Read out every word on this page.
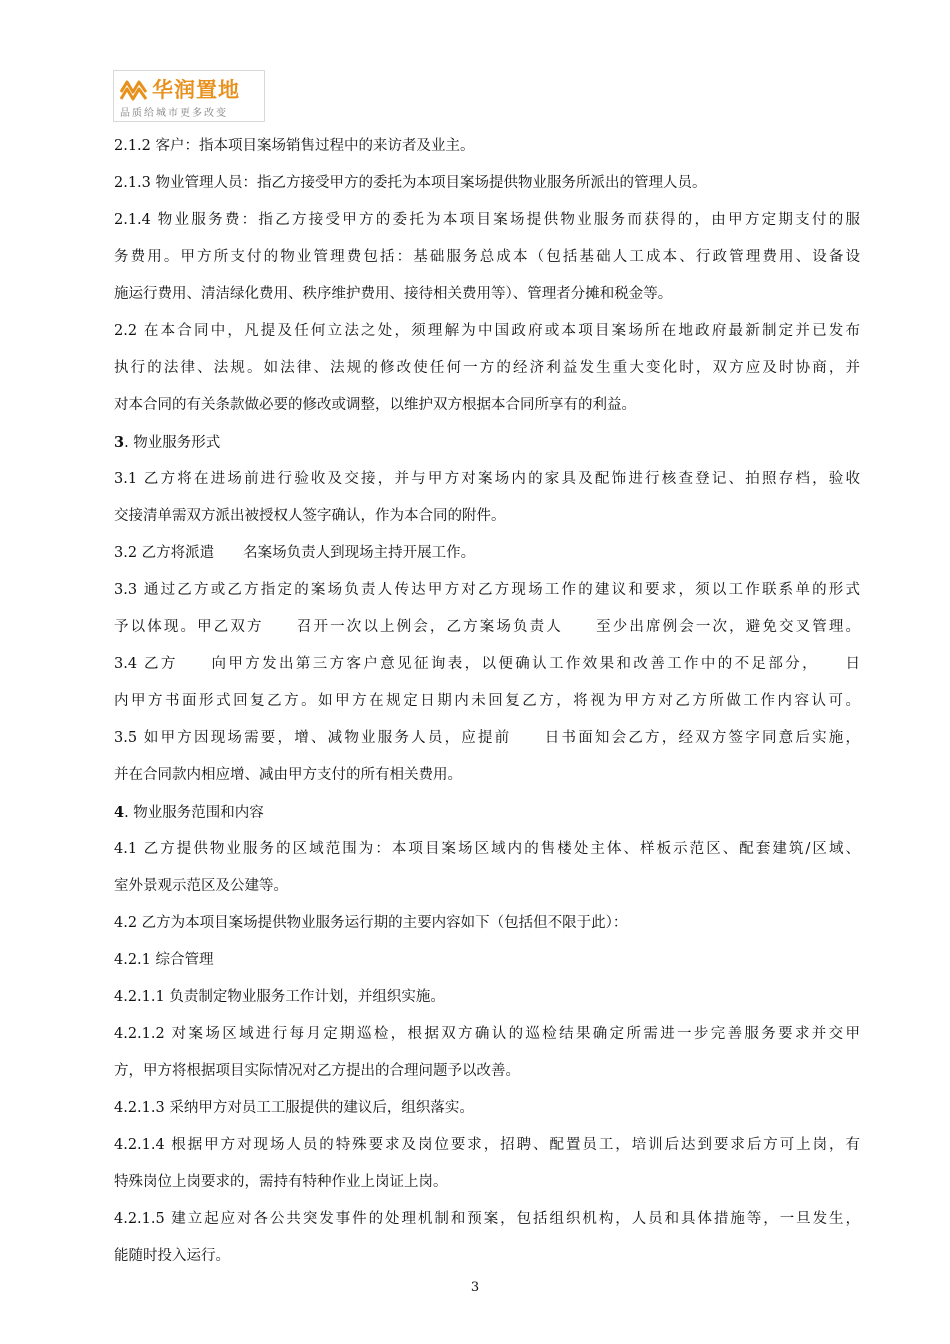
华润置地
品质给城市更多改变
2.1.2 客户：指本项目案场销售过程中的来访者及业主。
2.1.3 物业管理人员：指乙方接受甲方的委托为本项目案场提供物业服务所派出的管理人员。
2.1.4 物业服务费：指乙方接受甲方的委托为本项目案场提供物业服务而获得的，由甲方定期支付的服
务费用。甲方所支付的物业管理费包括：基础服务总成本（包括基础人工成本、行政管理费用、设备设
施运行费用、清洁绿化费用、秩序维护费用、接待相关费用等）、管理者分摊和税金等。
2.2 在本合同中，凡提及任何立法之处，须理解为中国政府或本项目案场所在地政府最新制定并已发布
执行的法律、法规。如法律、法规的修改使任何一方的经济利益发生重大变化时，双方应及时协商，并
对本合同的有关条款做必要的修改或调整，以维护双方根据本合同所享有的利益。
3. 物业服务形式
3.1 乙方将在进场前进行验收及交接，并与甲方对案场内的家具及配饰进行核查登记、拍照存档，验收
交接清单需双方派出被授权人签字确认，作为本合同的附件。
3.2 乙方将派遣　　名案场负责人到现场主持开展工作。
3.3 通过乙方或乙方指定的案场负责人传达甲方对乙方现场工作的建议和要求，须以工作联系单的形式
予以体现。甲乙双方　　召开一次以上例会，乙方案场负责人　　至少出席例会一次，避免交叉管理。
3.4 乙方　　向甲方发出第三方客户意见征询表，以便确认工作效果和改善工作中的不足部分，　　日
内甲方书面形式回复乙方。如甲方在规定日期内未回复乙方，将视为甲方对乙方所做工作内容认可。
3.5 如甲方因现场需要，增、减物业服务人员，应提前　　日书面知会乙方，经双方签字同意后实施，
并在合同款内相应增、减由甲方支付的所有相关费用。
4. 物业服务范围和内容
4.1 乙方提供物业服务的区域范围为：本项目案场区域内的售楼处主体、样板示范区、配套建筑/区域、
室外景观示范区及公建等。
4.2 乙方为本项目案场提供物业服务运行期的主要内容如下（包括但不限于此）：
4.2.1 综合管理
4.2.1.1 负责制定物业服务工作计划，并组织实施。
4.2.1.2 对案场区域进行每月定期巡检，根据双方确认的巡检结果确定所需进一步完善服务要求并交甲
方，甲方将根据项目实际情况对乙方提出的合理问题予以改善。
4.2.1.3 采纳甲方对员工工服提供的建议后，组织落实。
4.2.1.4 根据甲方对现场人员的特殊要求及岗位要求，招聘、配置员工，培训后达到要求后方可上岗，有
特殊岗位上岗要求的，需持有特种作业上岗证上岗。
4.2.1.5 建立起应对各公共突发事件的处理机制和预案，包括组织机构，人员和具体措施等，一旦发生，
能随时投入运行。
3
